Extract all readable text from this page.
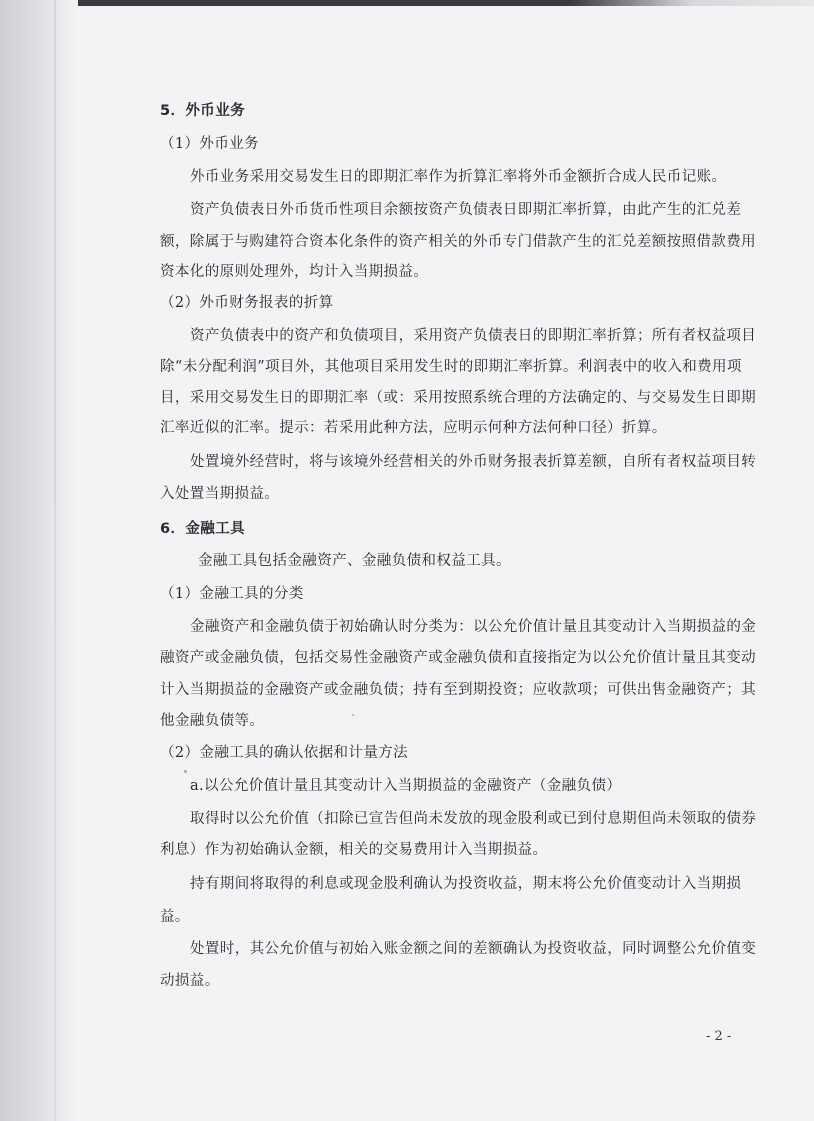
5．外币业务
（1）外币业务
外币业务采用交易发生日的即期汇率作为折算汇率将外币金额折合成人民币记账。
资产负债表日外币货币性项目余额按资产负债表日即期汇率折算，由此产生的汇兑差
额，除属于与购建符合资本化条件的资产相关的外币专门借款产生的汇兑差额按照借款费用
资本化的原则处理外，均计入当期损益。
（2）外币财务报表的折算
资产负债表中的资产和负债项目，采用资产负债表日的即期汇率折算；所有者权益项目
除“未分配利润”项目外，其他项目采用发生时的即期汇率折算。利润表中的收入和费用项
目，采用交易发生日的即期汇率（或：采用按照系统合理的方法确定的、与交易发生日即期
汇率近似的汇率。提示：若采用此种方法，应明示何种方法何种口径）折算。
处置境外经营时，将与该境外经营相关的外币财务报表折算差额，自所有者权益项目转
入处置当期损益。
6．金融工具
金融工具包括金融资产、金融负债和权益工具。
（1）金融工具的分类
金融资产和金融负债于初始确认时分类为：以公允价值计量且其变动计入当期损益的金
融资产或金融负债，包括交易性金融资产或金融负债和直接指定为以公允价值计量且其变动
计入当期损益的金融资产或金融负债；持有至到期投资；应收款项；可供出售金融资产；其
他金融负债等。
（2）金融工具的确认依据和计量方法
a.以公允价值计量且其变动计入当期损益的金融资产（金融负债）
取得时以公允价值（扣除已宣告但尚未发放的现金股利或已到付息期但尚未领取的债券
利息）作为初始确认金额，相关的交易费用计入当期损益。
持有期间将取得的利息或现金股利确认为投资收益，期末将公允价值变动计入当期损
益。
处置时，其公允价值与初始入账金额之间的差额确认为投资收益，同时调整公允价值变
动损益。
- 2 -
